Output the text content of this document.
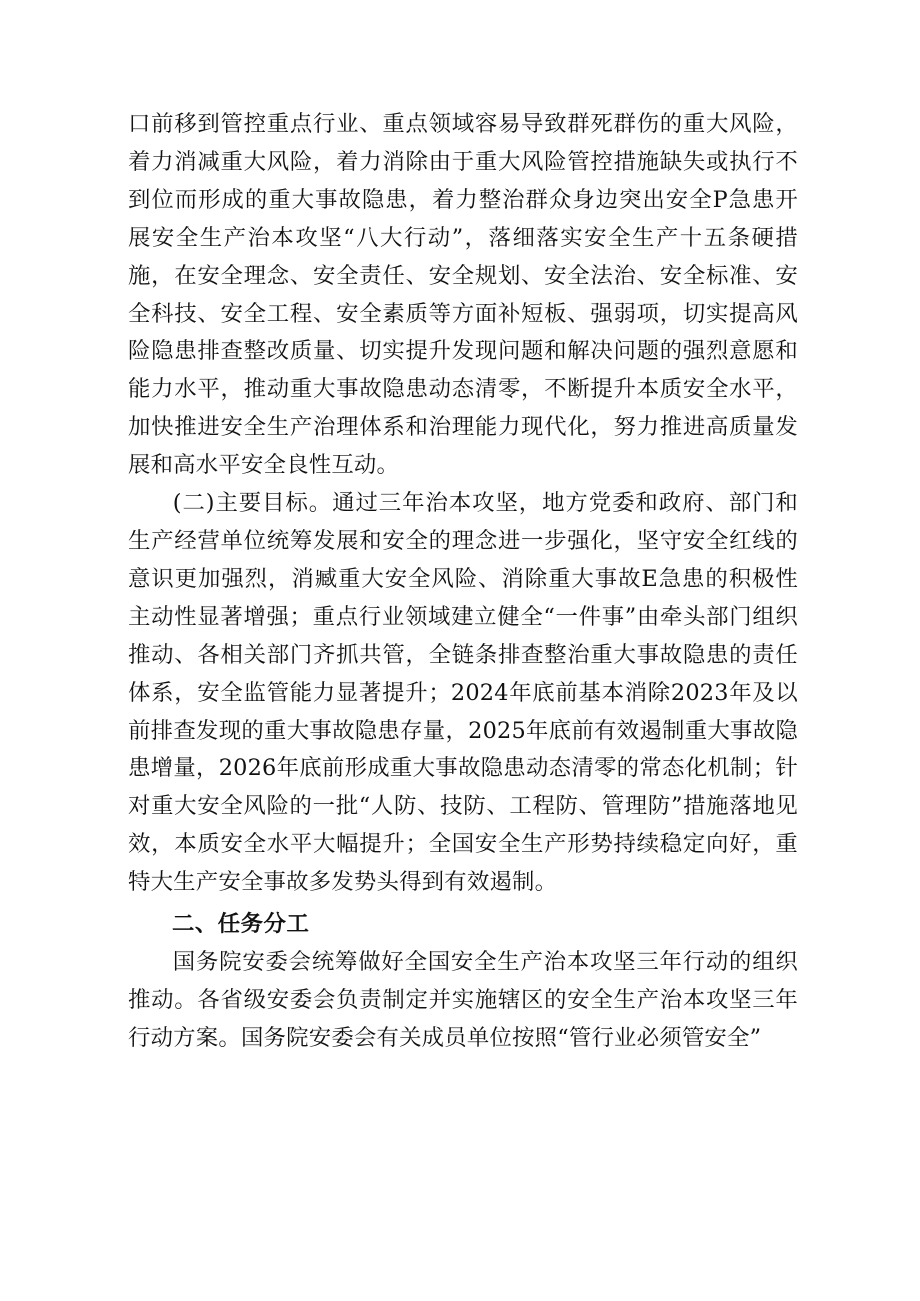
口前移到管控重点行业、重点领域容易导致群死群伤的重大风险，着力消减重大风险，着力消除由于重大风险管控措施缺失或执行不到位而形成的重大事故隐患，着力整治群众身边突出安全P急患开展安全生产治本攻坚“八大行动”，落细落实安全生产十五条硬措施，在安全理念、安全责任、安全规划、安全法治、安全标准、安全科技、安全工程、安全素质等方面补短板、强弱项，切实提高风险隐患排查整改质量、切实提升发现问题和解决问题的强烈意愿和能力水平，推动重大事故隐患动态清零，不断提升本质安全水平，加快推进安全生产治理体系和治理能力现代化，努力推进高质量发展和高水平安全良性互动。

(二)主要目标。通过三年治本攻坚，地方党委和政府、部门和生产经营单位统筹发展和安全的理念进一步强化，坚守安全红线的意识更加强烈，消臧重大安全风险、消除重大事故E急患的积极性主动性显著增强；重点行业领域建立健全“一件事”由牵头部门组织推动、各相关部门齐抓共管，全链条排查整治重大事故隐患的责任体系，安全监管能力显著提升；2024年底前基本消除2023年及以前排查发现的重大事故隐患存量，2025年底前有效遏制重大事故隐患增量，2026年底前形成重大事故隐患动态清零的常态化机制；针对重大安全风险的一批“人防、技防、工程防、管理防”措施落地见效，本质安全水平大幅提升；全国安全生产形势持续稳定向好，重特大生产安全事故多发势头得到有效遏制。

二、任务分工

国务院安委会统筹做好全国安全生产治本攻坚三年行动的组织推动。各省级安委会负责制定并实施辖区的安全生产治本攻坚三年行动方案。国务院安委会有关成员单位按照“管行业必须管安全”
